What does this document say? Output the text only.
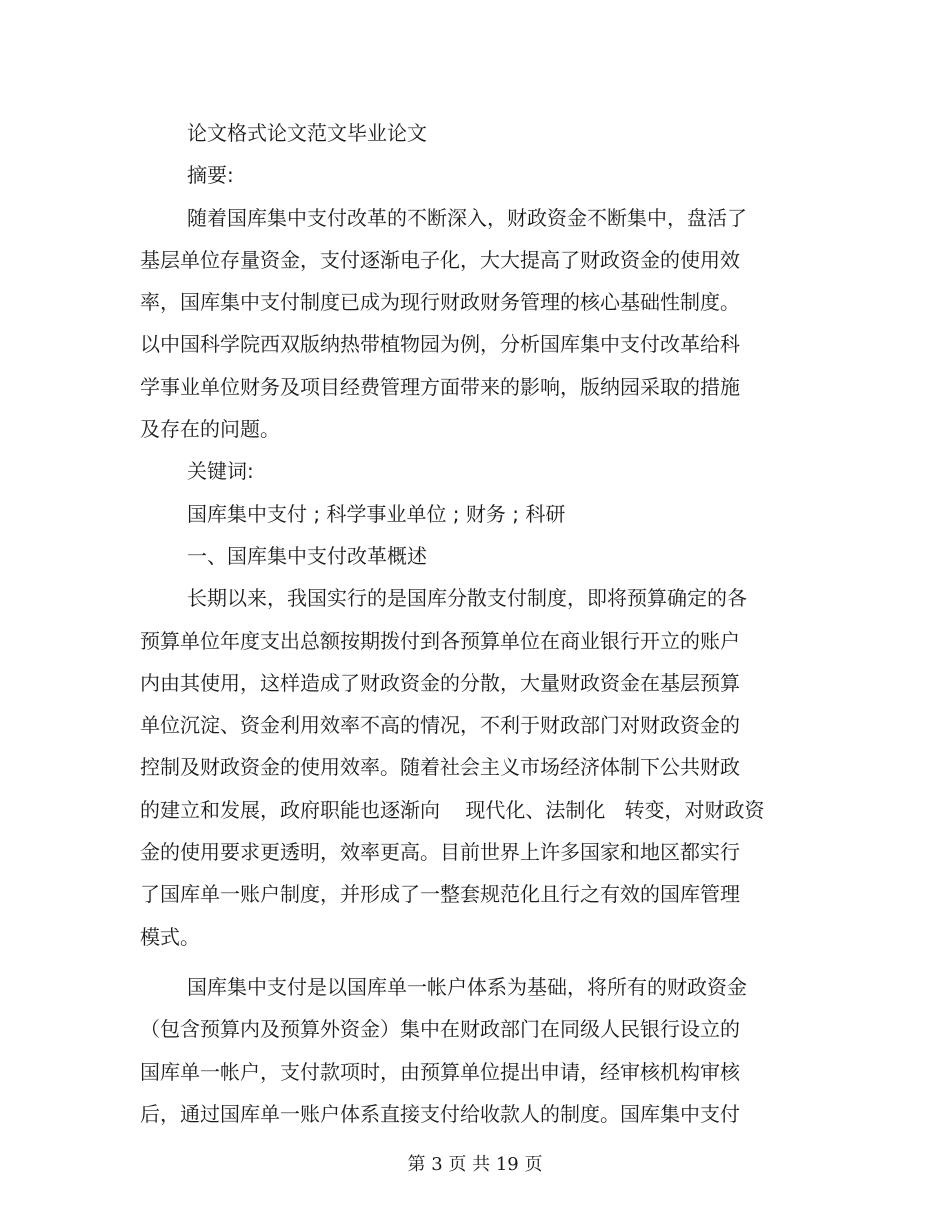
论文格式论文范文毕业论文
摘要:
随着国库集中支付改革的不断深入，财政资金不断集中，盘活了
基层单位存量资金，支付逐渐电子化，大大提高了财政资金的使用效
率，国库集中支付制度已成为现行财政财务管理的核心基础性制度。
以中国科学院西双版纳热带植物园为例，分析国库集中支付改革给科
学事业单位财务及项目经费管理方面带来的影响，版纳园采取的措施
及存在的问题。
关键词:
国库集中支付 ; 科学事业单位 ; 财务 ; 科研
一、国库集中支付改革概述
长期以来，我国实行的是国库分散支付制度，即将预算确定的各
预算单位年度支出总额按期拨付到各预算单位在商业银行开立的账户
内由其使用，这样造成了财政资金的分散，大量财政资金在基层预算
单位沉淀、资金利用效率不高的情况，不利于财政部门对财政资金的
控制及财政资金的使用效率。随着社会主义市场经济体制下公共财政
的建立和发展，政府职能也逐渐向    现代化、法制化   转变，对财政资
金的使用要求更透明，效率更高。目前世界上许多国家和地区都实行
了国库单一账户制度，并形成了一整套规范化且行之有效的国库管理
模式。
国库集中支付是以国库单一帐户体系为基础，将所有的财政资金
（包含预算内及预算外资金）集中在财政部门在同级人民银行设立的
国库单一帐户，支付款项时，由预算单位提出申请，经审核机构审核
后，通过国库单一账户体系直接支付给收款人的制度。国库集中支付
第 3 页 共 19 页
